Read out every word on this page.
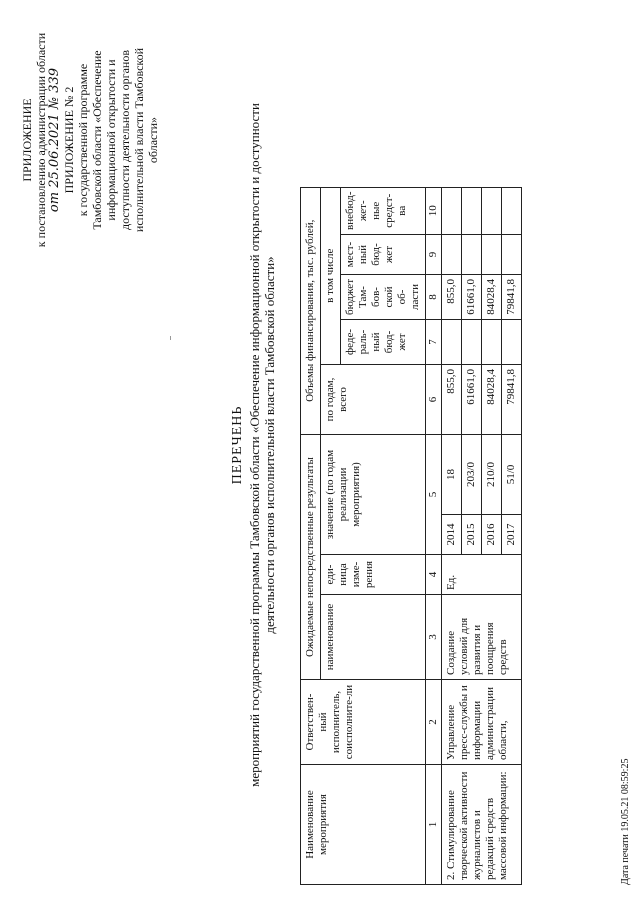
ПРИЛОЖЕНИЕ к постановлению администрации области от 25.06.2021 № 339 ПРИЛОЖЕНИЕ № 2 к государственной программе Тамбовской области «Обеспечение информационной открытости и доступности деятельности органов исполнительной власти Тамбовской области»
ПЕРЕЧЕНЬ мероприятий государственной программы Тамбовской области «Обеспечение информационной открытости и доступности деятельности органов исполнительной власти Тамбовской области»
Наименование мероприятия	Ответствен-ный исполнитель, соисполните-ли	Ожидаемые непосредственные результаты				Объемы финансирования, тыс. рублей,				
		наименование	еди-ница изме-рения	значение (по годам реализации мероприятия)		по годам, всего	в том числе			
							феде-раль-ный бюд-жет	бюджет Там-бов-ской об-ласти	мест-ный бюд-жет	внебюд-жет-ные средст-ва
1	2	3	4	5		6	7	8	9	10
2. Стимулирование творческой активности журналистов и редакций средств массовой информации:	Управление пресс-службы и информации администрации области,	Создание условий для развития и поощрения средств	Ед.	2014	18	855,0		855,0		
				2015	203/0	61661,0		61661,0		
				2016	210/0	84028,4		84028,4		
				2017	51/0	79841,8		79841,8		
Дата печати 19.05.21 08:59:25
